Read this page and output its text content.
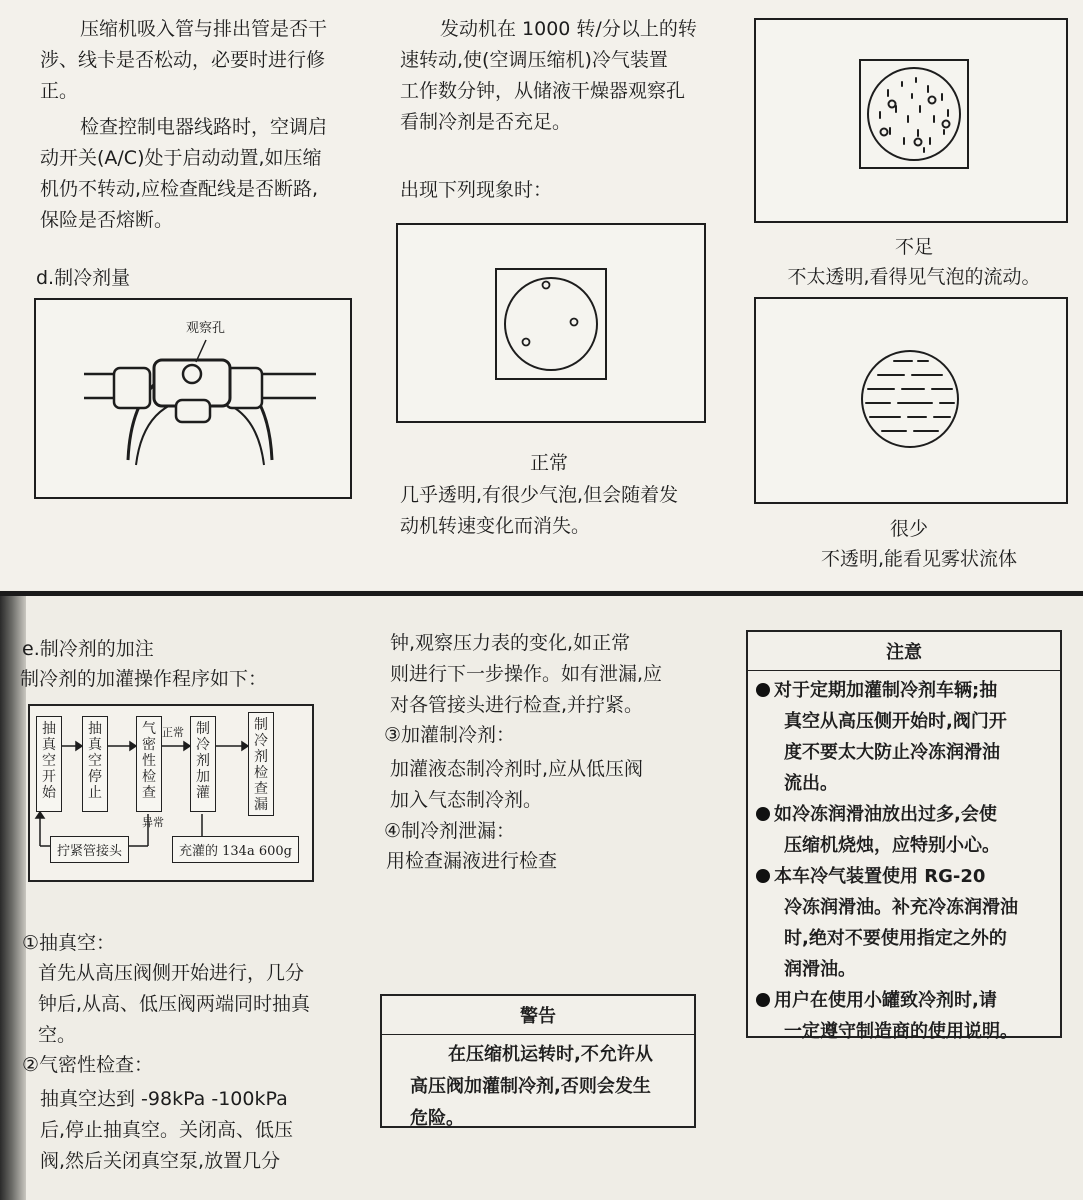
压缩机吸入管与排出管是否干
涉、线卡是否松动，必要时进行修
正。
检查控制电器线路时，空调启
动开关(A/C)处于启动动置,如压缩
机仍不转动,应检查配线是否断路,
保险是否熔断。
d.制冷剂量
观察孔
发动机在 1000 转/分以上的转
速转动,使(空调压缩机)冷气装置
工作数分钟，从储液干燥器观察孔
看制冷剂是否充足。
出现下列现象时：
正常
几乎透明,有很少气泡,但会随着发
动机转速变化而消失。
不足
不太透明,看得见气泡的流动。
很少
不透明,能看见雾状流体
e.制冷剂的加注
制冷剂的加灌操作程序如下：
抽真空开始
抽真空停止
气密性检查
制冷剂加灌
制冷剂检查漏
正常
异常
拧紧管接头	充灌的 134a 600g
①抽真空：
首先从高压阀侧开始进行，几分
钟后,从高、低压阀两端同时抽真
空。
②气密性检查：
抽真空达到 -98kPa -100kPa
后,停止抽真空。关闭高、低压
阀,然后关闭真空泵,放置几分
钟,观察压力表的变化,如正常
则进行下一步操作。如有泄漏,应
对各管接头进行检查,并拧紧。
③加灌制冷剂：
加灌液态制冷剂时,应从低压阀
加入气态制冷剂。
④制冷剂泄漏：
用检查漏液进行检查
警告
在压缩机运转时,不允许从
高压阀加灌制冷剂,否则会发生
危险。
注意
对于定期加灌制冷剂车辆;抽
真空从高压侧开始时,阀门开
度不要太大防止冷冻润滑油
流出。
如冷冻润滑油放出过多,会使
压缩机烧烛，应特别小心。
本车冷气装置使用 RG-20
冷冻润滑油。补充冷冻润滑油
时,绝对不要使用指定之外的
润滑油。
用户在使用小罐致冷剂时,请
一定遵守制造商的使用说明。
